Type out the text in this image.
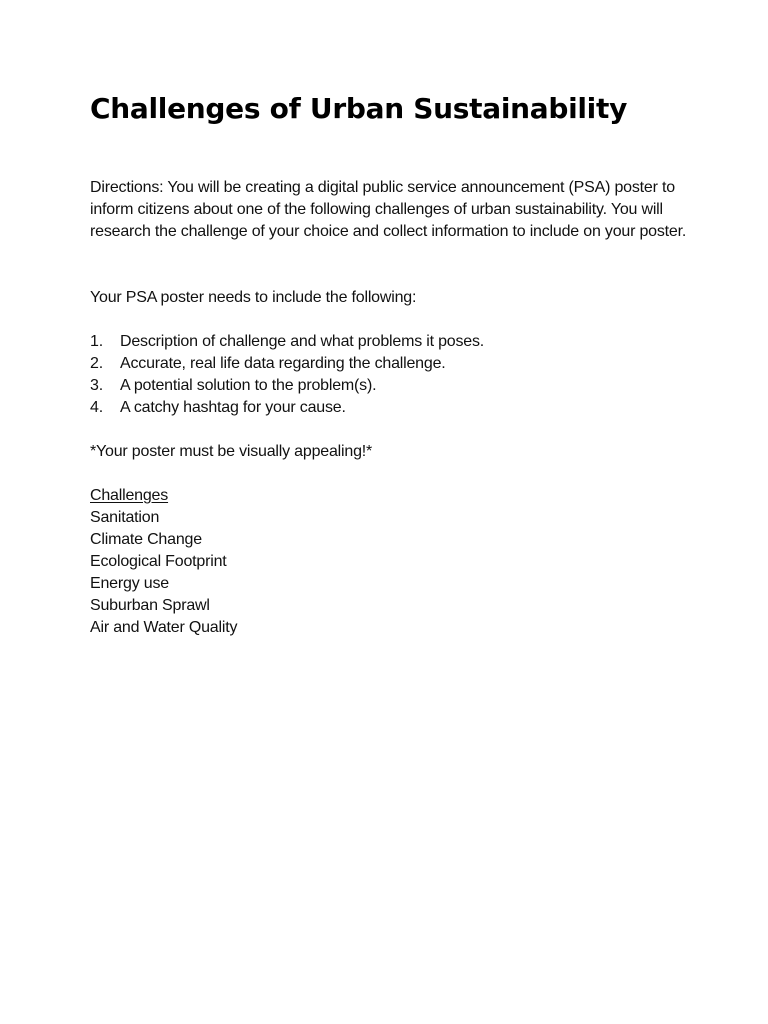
Challenges of Urban Sustainability

Directions: You will be creating a digital public service announcement (PSA) poster to inform citizens about one of the following challenges of urban sustainability. You will research the challenge of your choice and collect information to include on your poster.

Your PSA poster needs to include the following:

1.	Description of challenge and what problems it poses.
2.	Accurate, real life data regarding the challenge.
3.	A potential solution to the problem(s).
4.	A catchy hashtag for your cause.

*Your poster must be visually appealing!*

Challenges
Sanitation
Climate Change
Ecological Footprint
Energy use
Suburban Sprawl
Air and Water Quality
